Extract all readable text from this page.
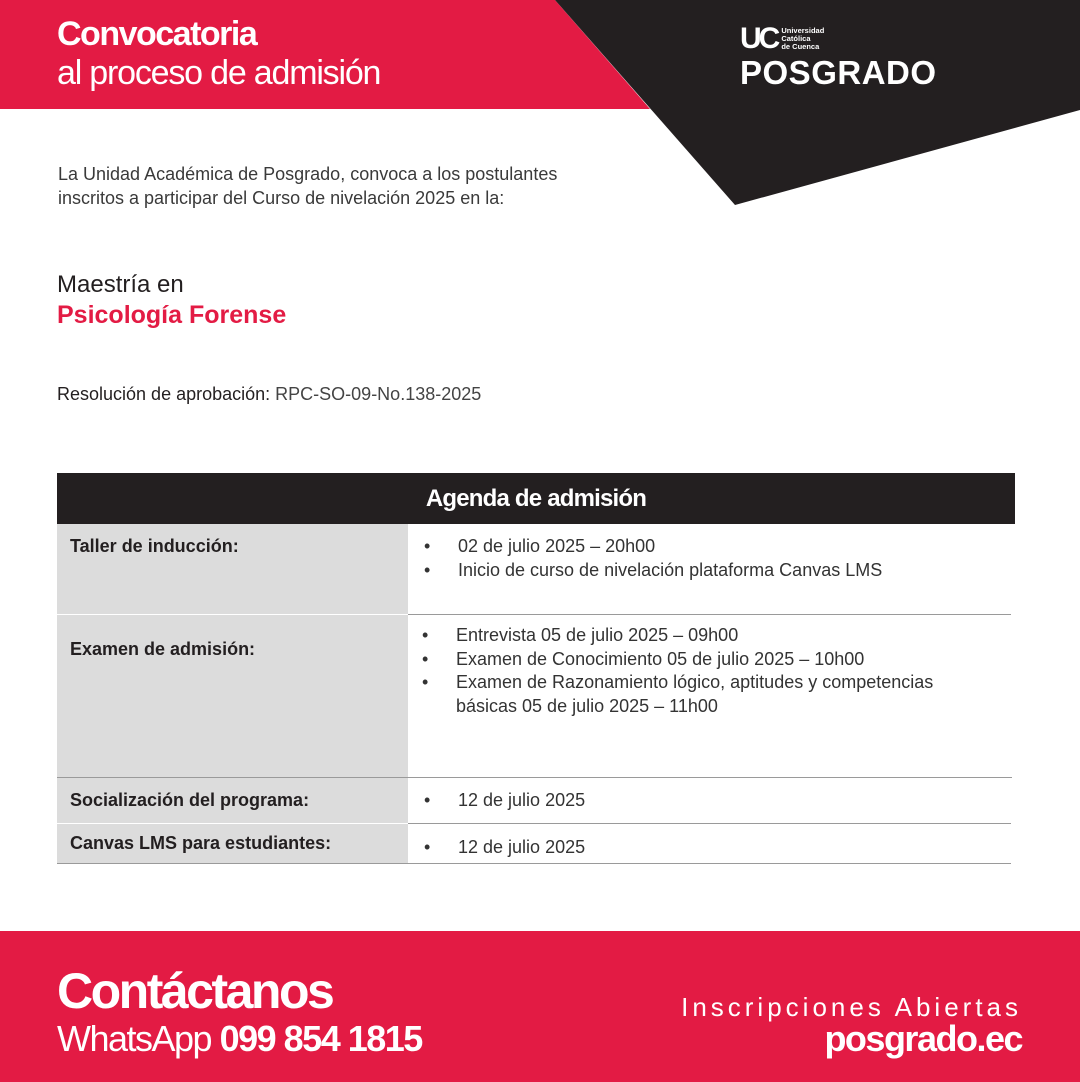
Convocatoria
al proceso de admisión
UC Universidad
Católica
de Cuenca
POSGRADO
La Unidad Académica de Posgrado, convoca a los postulantes
inscritos a participar del Curso de nivelación 2025 en la:
Maestría en
Psicología Forense
Resolución de aprobación: RPC-SO-09-No.138-2025
Agenda de admisión
Taller de inducción:	• 02 de julio 2025 – 20h00
• Inicio de curso de nivelación plataforma Canvas LMS
Examen de admisión:
• Entrevista 05 de julio 2025 – 09h00
• Examen de Conocimiento 05 de julio 2025 – 10h00
• Examen de Razonamiento lógico, aptitudes y competencias
básicas 05 de julio 2025 – 11h00
Socialización del programa:	• 12 de julio 2025
Canvas LMS para estudiantes:	• 12 de julio 2025
Contáctanos
WhatsApp 099 854 1815
Inscripciones Abiertas
posgrado.ec
